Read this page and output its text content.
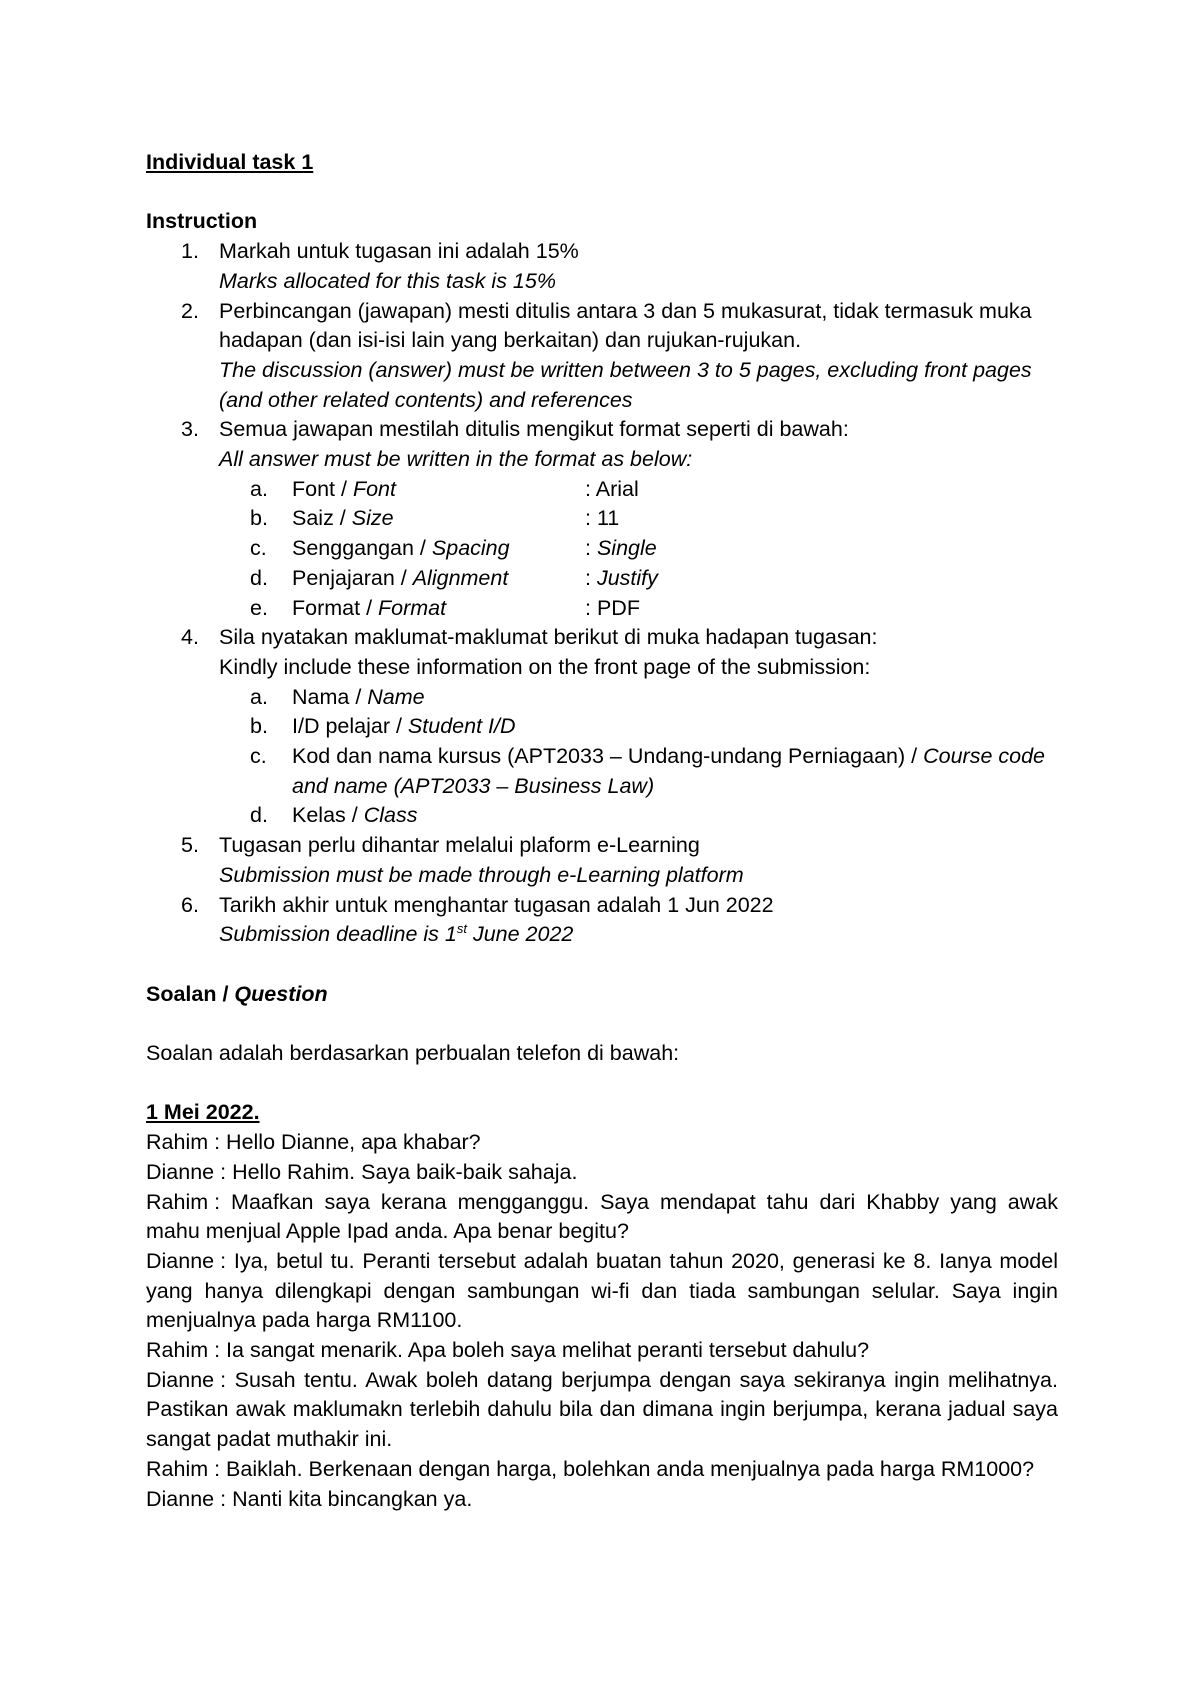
Individual task 1

Instruction
1. Markah untuk tugasan ini adalah 15%
Marks allocated for this task is 15%
2. Perbincangan (jawapan) mesti ditulis antara 3 dan 5 mukasurat, tidak termasuk muka hadapan (dan isi-isi lain yang berkaitan) dan rujukan-rujukan.
The discussion (answer) must be written between 3 to 5 pages, excluding front pages (and other related contents) and references
3. Semua jawapan mestilah ditulis mengikut format seperti di bawah:
All answer must be written in the format as below:
a. Font / Font	: Arial
b. Saiz / Size	: 11
c. Senggangan / Spacing	: Single
d. Penjajaran / Alignment	: Justify
e. Format / Format	: PDF
4. Sila nyatakan maklumat-maklumat berikut di muka hadapan tugasan:
Kindly include these information on the front page of the submission:
a. Nama / Name
b. I/D pelajar / Student I/D
c. Kod dan nama kursus (APT2033 – Undang-undang Perniagaan) / Course code and name (APT2033 – Business Law)
d. Kelas / Class
5. Tugasan perlu dihantar melalui plaform e-Learning
Submission must be made through e-Learning platform
6. Tarikh akhir untuk menghantar tugasan adalah 1 Jun 2022
Submission deadline is 1st June 2022
Soalan / Question
Soalan adalah berdasarkan perbualan telefon di bawah:
1 Mei 2022.

Rahim : Hello Dianne, apa khabar?

Dianne : Hello Rahim. Saya baik-baik sahaja.

Rahim : Maafkan saya kerana mengganggu. Saya mendapat tahu dari Khabby yang awak mahu menjual Apple Ipad anda. Apa benar begitu?

Dianne : Iya, betul tu. Peranti tersebut adalah buatan tahun 2020, generasi ke 8. Ianya model yang hanya dilengkapi dengan sambungan wi-fi dan tiada sambungan selular. Saya ingin menjualnya pada harga RM1100.

Rahim : Ia sangat menarik. Apa boleh saya melihat peranti tersebut dahulu?

Dianne : Susah tentu. Awak boleh datang berjumpa dengan saya sekiranya ingin melihatnya. Pastikan awak maklumakn terlebih dahulu bila dan dimana ingin berjumpa, kerana jadual saya sangat padat muthakir ini.

Rahim : Baiklah. Berkenaan dengan harga, bolehkan anda menjualnya pada harga RM1000?

Dianne : Nanti kita bincangkan ya.
